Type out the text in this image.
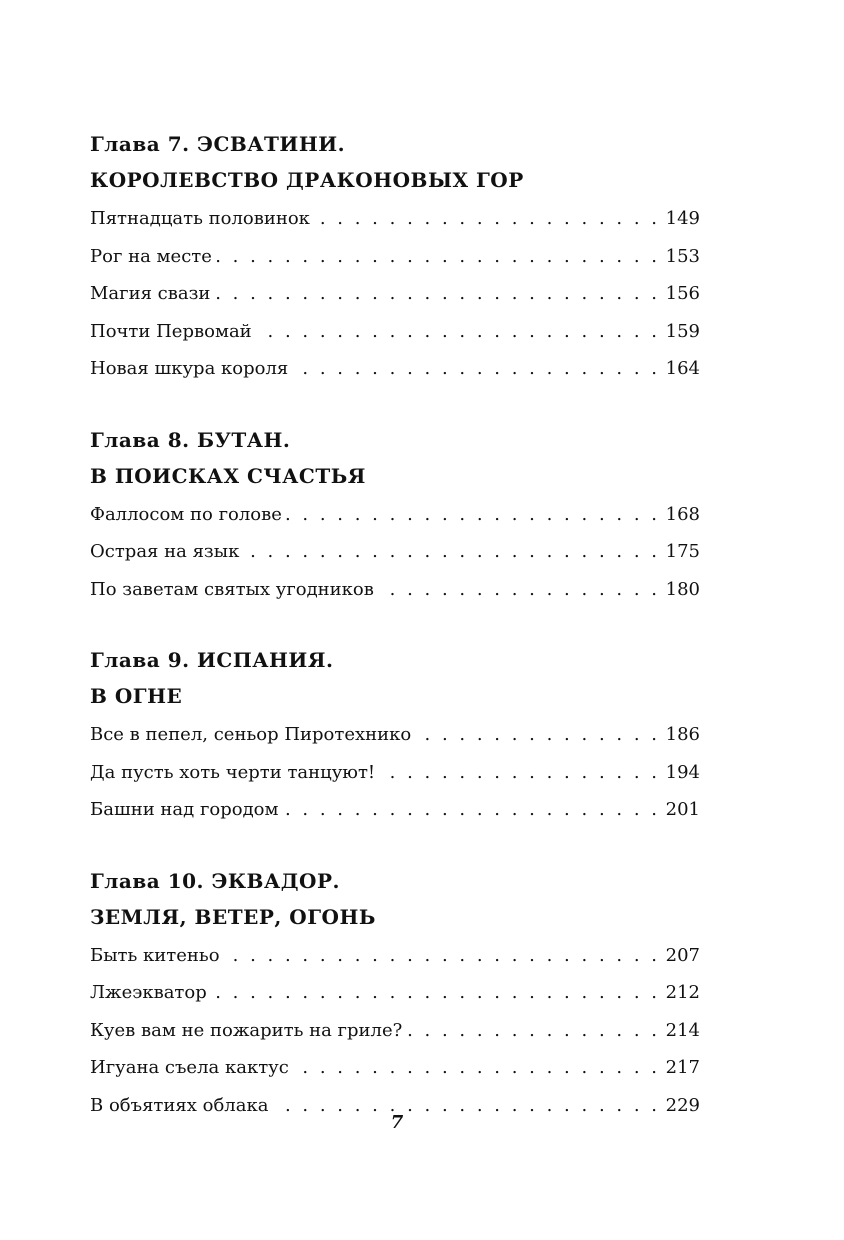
Глава 7. ЭСВАТИНИ.
КОРОЛЕВСТВО ДРАКОНОВЫХ ГОР
Пятнадцать половинок . . .	149
Рог на месте . . .	153
Магия свази . . .	156
Почти Первомай . . .	159
Новая шкура короля . . .	164
Глава 8. БУТАН.
В ПОИСКАХ СЧАСТЬЯ
Фаллосом по голове . . .	168
Острая на язык . . .	175
По заветам святых угодников . . .	180
Глава 9. ИСПАНИЯ.
В ОГНЕ
Все в пепел, сеньор Пиротехнико . . .	186
Да пусть хоть черти танцуют! . . .	194
Башни над городом . . .	201
Глава 10. ЭКВАДОР.
ЗЕМЛЯ, ВЕТЕР, ОГОНЬ
Быть китеньо . . .	207
Лжеэкватор . . .	212
Куев вам не пожарить на гриле? . . .	214
Игуана съела кактус . . .	217
В объятиях облака . . .	229
7
